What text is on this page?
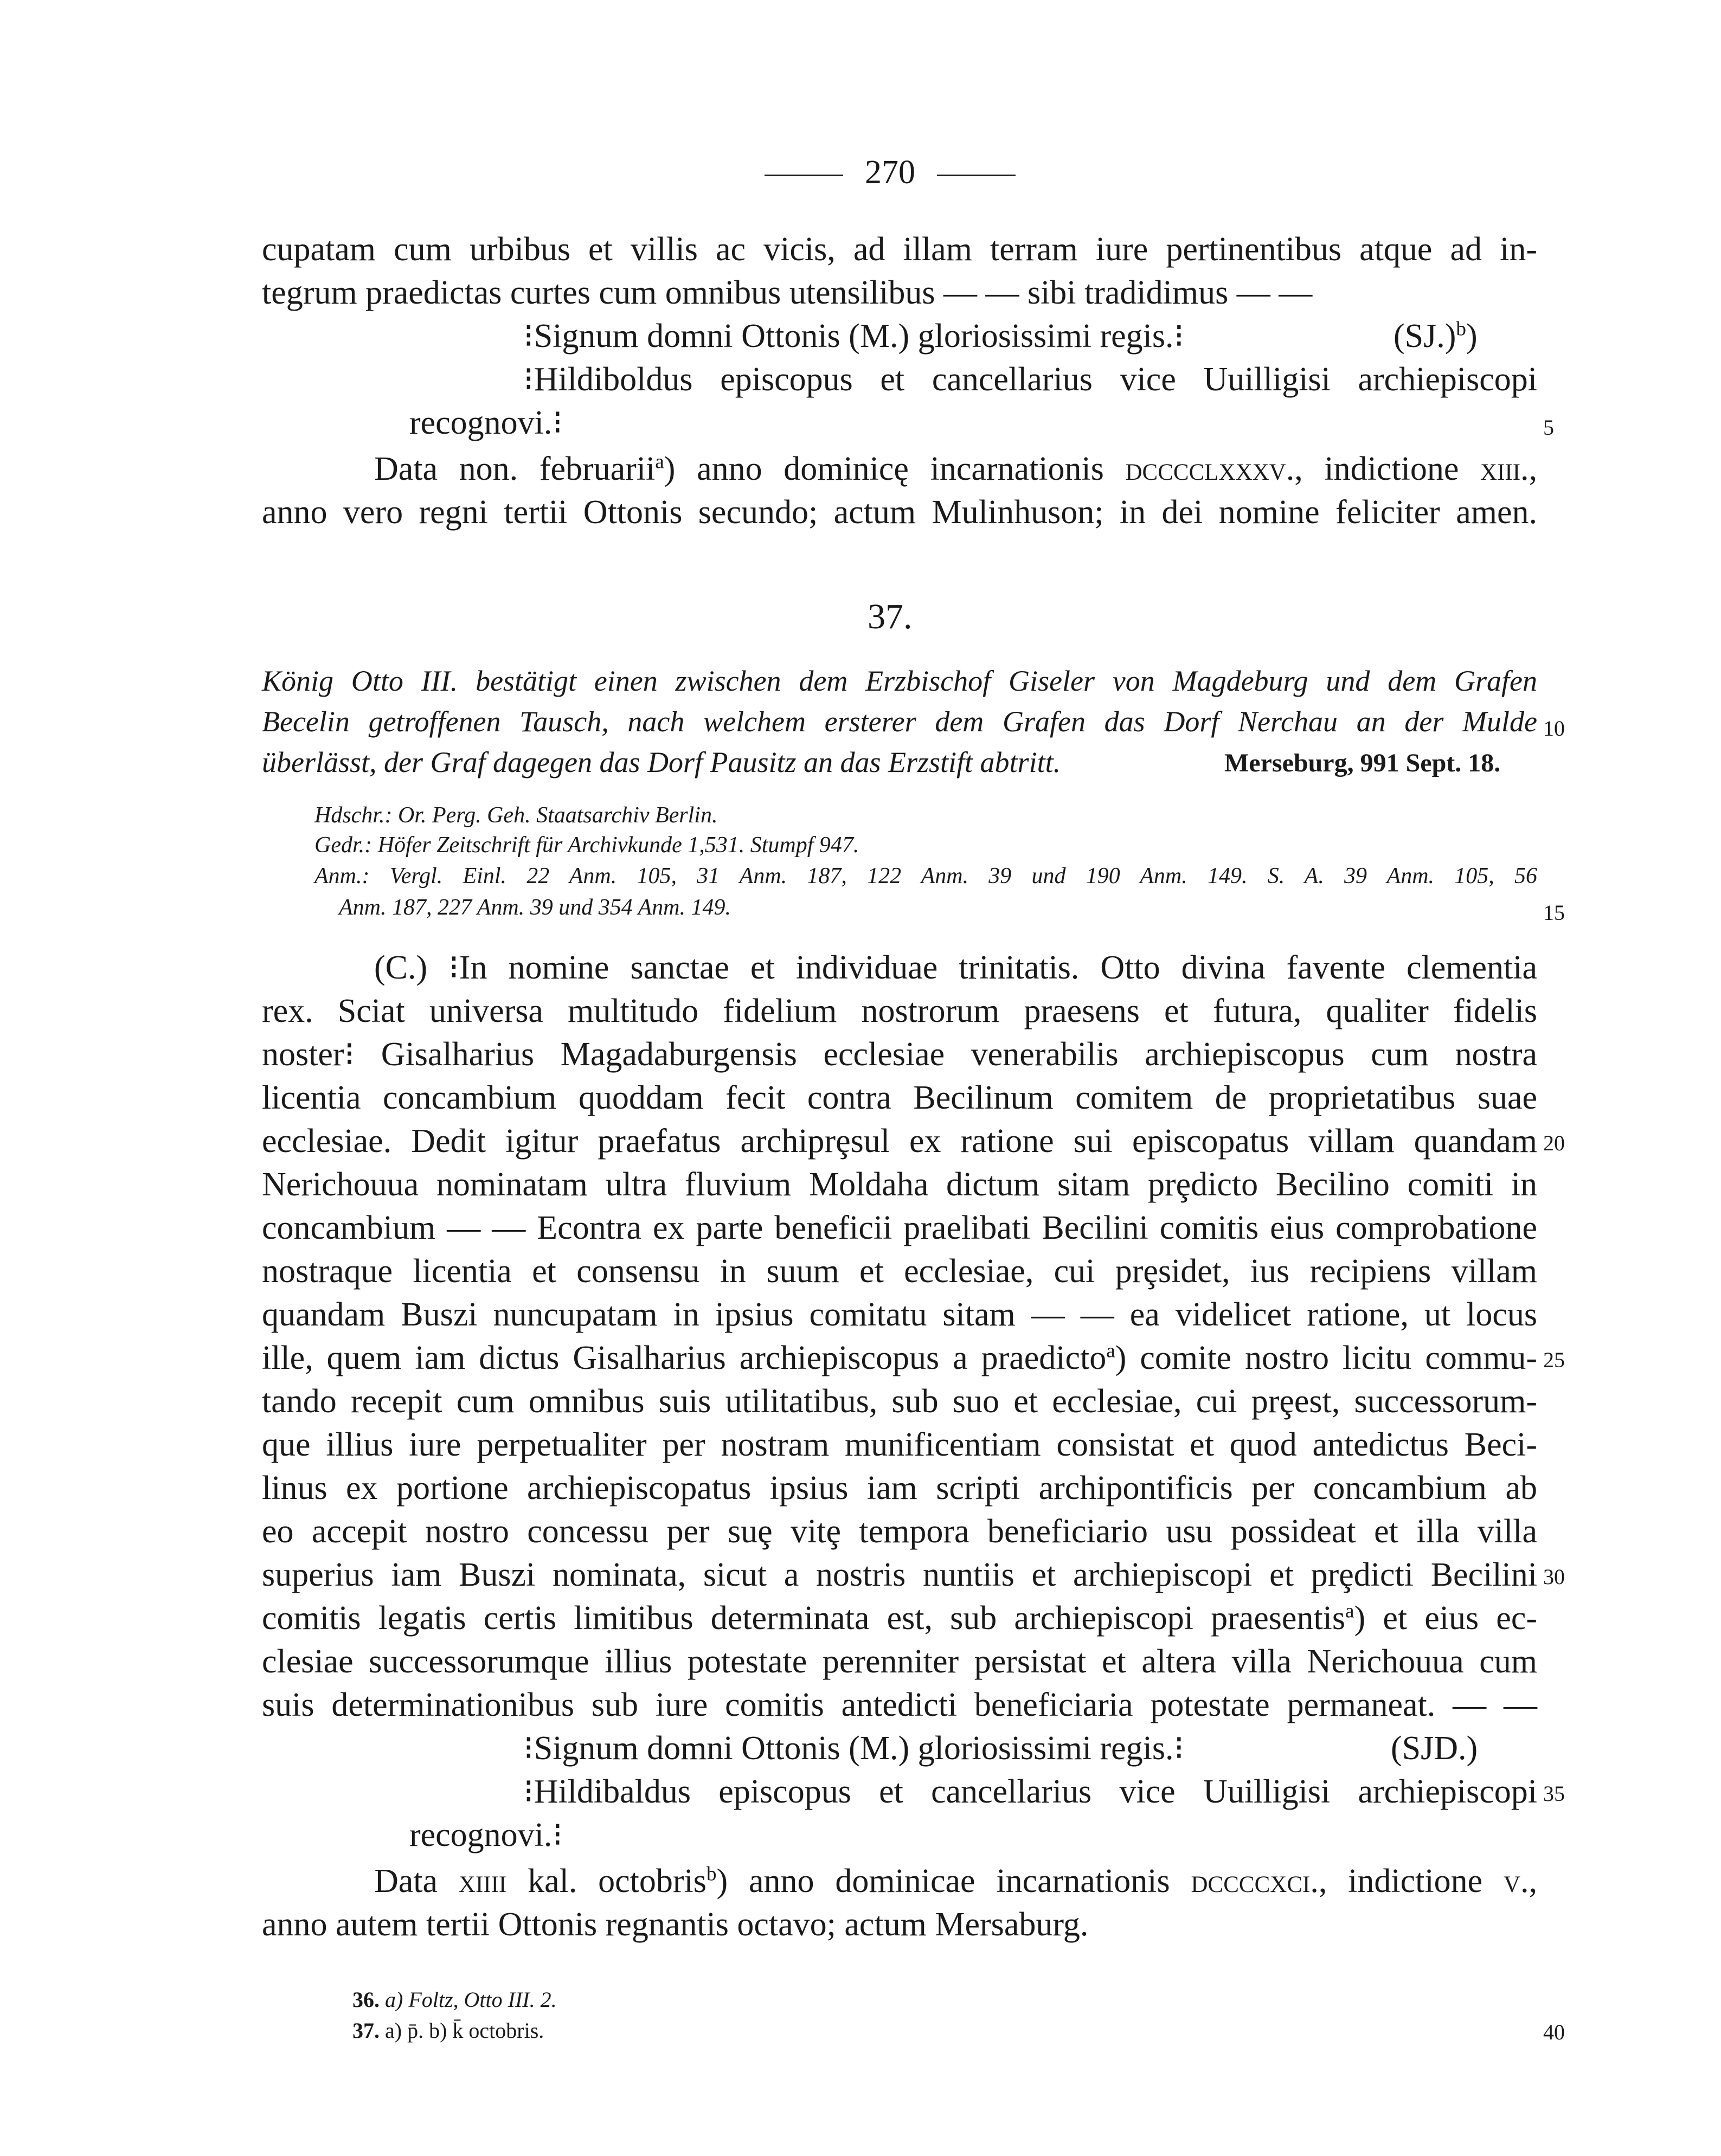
270
cupatam cum urbibus et villis ac vicis, ad illam terram iure pertinentibus atque ad in-
tegrum praedictas curtes cum omnibus utensilibus — — sibi tradidimus — —
⁝Signum domni Ottonis (M.) gloriosissimi regis.⁝	$(SJ.)^b$)
⁝Hildiboldus episcopus et cancellarius vice Uuilligisi archiepiscopi
recognovi.⁝
Data non. februarii$^a$) anno dominicę incarnationis dccccl​xxxv., indictione xiii.,
anno vero regni tertii Ottonis secundo; actum Mulinhuson; in dei nomine feliciter amen.
37.
König Otto III. bestätigt einen zwischen dem Erzbischof Giseler von Magdeburg und dem Grafen
Becelin getroffenen Tausch, nach welchem ersterer dem Grafen das Dorf Nerchau an der Mulde
überlässt, der Graf dagegen das Dorf Pausitz an das Erzstift abtritt.	Merseburg, 991 Sept. 18.
Hdschr.: Or. Perg. Geh. Staatsarchiv Berlin.
Gedr.: Höfer Zeitschrift für Archivkunde 1,531. Stumpf 947.
Anm.: Vergl. Einl. 22 Anm. 105, 31 Anm. 187, 122 Anm. 39 und 190 Anm. 149. S. A. 39 Anm. 105, 56
Anm. 187, 227 Anm. 39 und 354 Anm. 149.
(C.) ⁝In nomine sanctae et individuae trinitatis. Otto divina favente clementia
rex. Sciat universa multitudo fidelium nostrorum praesens et futura, qualiter fidelis
noster⁝ Gisalharius Magadaburgensis ecclesiae venerabilis archiepiscopus cum nostra
licentia concambium quoddam fecit contra Becilinum comitem de proprietatibus suae
ecclesiae. Dedit igitur praefatus archiprȩsul ex ratione sui episcopatus villam quandam
Nerichouua nominatam ultra fluvium Moldaha dictum sitam prȩdicto Becilino comiti in
concambium — — Econtra ex parte beneficii praelibati Becilini comitis eius comprobatione
nostraque licentia et consensu in suum et ecclesiae, cui prȩsidet, ius recipiens villam
quandam Buszi nuncupatam in ipsius comitatu sitam — — ea videlicet ratione, ut locus
ille, quem iam dictus Gisalharius archiepiscopus a praedicto$^a$) comite nostro licitu commu-
tando recepit cum omnibus suis utilitatibus, sub suo et ecclesiae, cui prȩest, successorum-
que illius iure perpetualiter per nostram munificentiam consistat et quod antedictus Beci-
linus ex portione archiepiscopatus ipsius iam scripti archipontificis per concambium ab
eo accepit nostro concessu per suȩ vitȩ tempora beneficiario usu possideat et illa villa
superius iam Buszi nominata, sicut a nostris nuntiis et archiepiscopi et prȩdicti Becilini
comitis legatis certis limitibus determinata est, sub archiepiscopi praesentis$^a$) et eius ec-
clesiae successorumque illius potestate perenniter persistat et altera villa Nerichouua cum
suis determinationibus sub iure comitis antedicti beneficiaria potestate permaneat. — —
⁝Signum domni Ottonis (M.) gloriosissimi regis.⁝	(SJD.)
⁝Hildibaldus episcopus et cancellarius vice Uuilligisi archiepiscopi
recognovi.⁝
Data xiiii kal. octobris$^b$) anno dominicae incarnationis dccccxci., indictione v.,
anno autem tertii Ottonis regnantis octavo; actum Mersaburg.
36. a) Foltz, Otto III. 2.
37. a) p̄. b) k̄ octobris.
5
10
15
20
25
30
35
40
